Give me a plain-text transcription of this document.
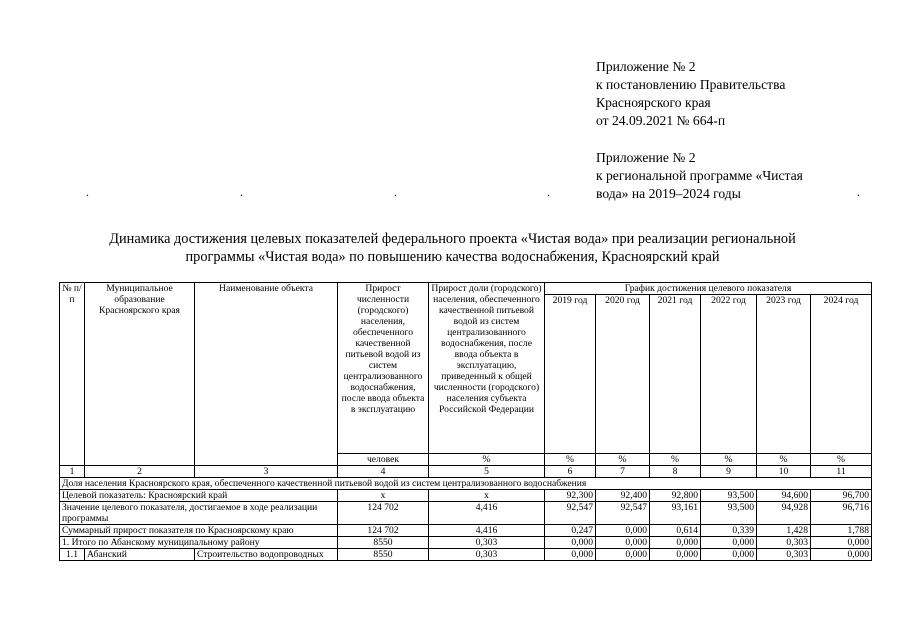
Приложение № 2
к постановлению Правительства
Красноярского края
от 24.09.2021 № 664-п
Приложение № 2
к региональной программе «Чистая
вода» на 2019–2024 годы
.	.	.	.	.
Динамика достижения целевых показателей федерального проекта «Чистая вода» при реализации региональной
программы «Чистая вода» по повышению качества водоснабжения, Красноярский край
№ п/п	Муниципальное образование Красноярского края	Наименование объекта	Прирост численности (городского) населения, обеспеченного качественной питьевой водой из систем централизованного водоснабжения, после ввода объекта в эксплуатацию	Прирост доли (городского) населения, обеспеченного качественной питьевой водой из систем централизованного водоснабжения, после ввода объекта в эксплуатацию, приведенный к общей численности (городского) населения субъекта Российской Федерации	График достижения целевого показателя					
					2019 год	2020 год	2021 год	2022 год	2023 год	2024 год
			человек	%	%	%	%	%	%	%
1	2	3	4	5	6	7	8	9	10	11
Доля населения Красноярского края, обеспеченного качественной питьевой водой из систем централизованного водоснабжения										
Целевой показатель: Красноярский край			x	x	92,300	92,400	92,800	93,500	94,600	96,700
Значение целевого показателя, достигаемое в ходе реализации программы			124 702	4,416	92,547	92,547	93,161	93,500	94,928	96,716
Суммарный прирост показателя по Красноярскому краю			124 702	4,416	0,247	0,000	0,614	0,339	1,428	1,788
1. Итого по Абанскому муниципальному району			8550	0,303	0,000	0,000	0,000	0,000	0,303	0,000
1.1	Абанский	Строительство водопроводных	8550	0,303	0,000	0,000	0,000	0,000	0,303	0,000
